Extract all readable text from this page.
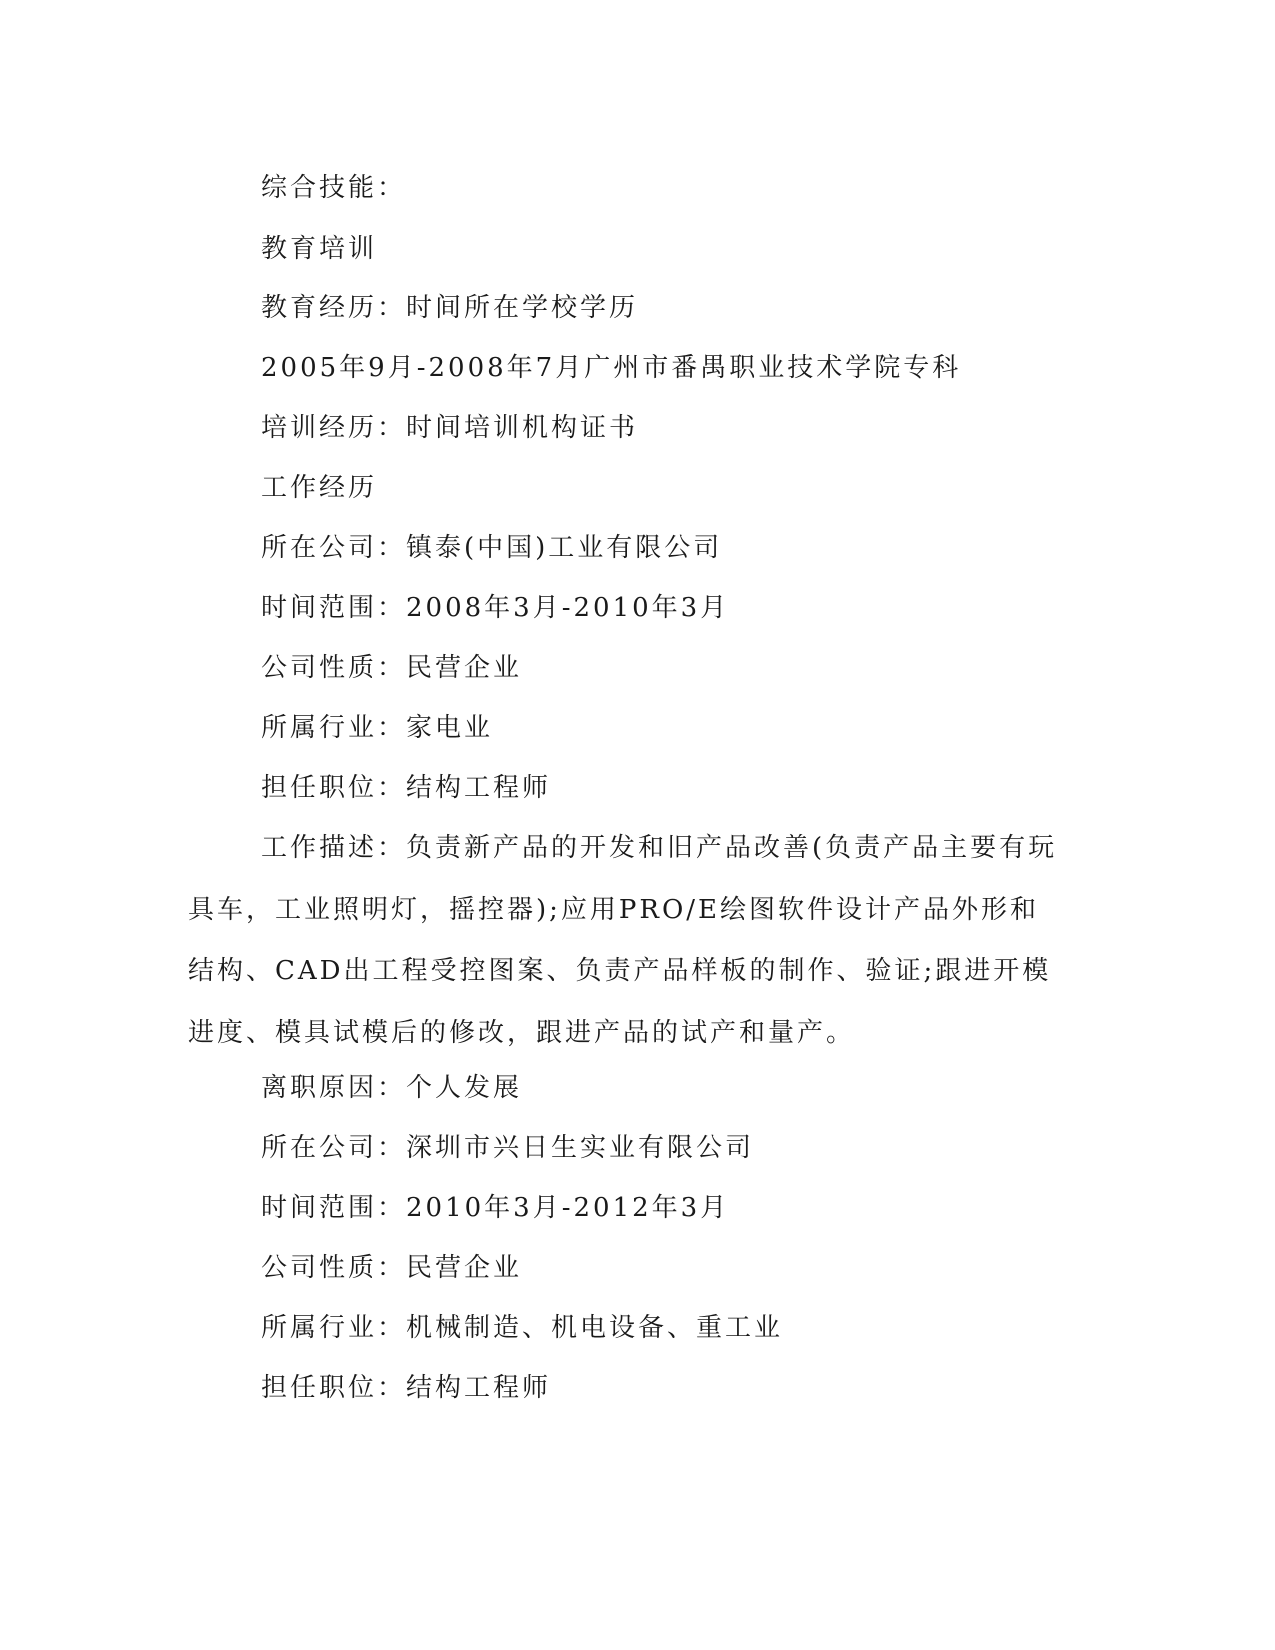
综合技能：
教育培训
教育经历：时间所在学校学历
2005年9月-2008年7月广州市番禺职业技术学院专科
培训经历：时间培训机构证书
工作经历
所在公司：镇泰(中国)工业有限公司
时间范围：2008年3月-2010年3月
公司性质：民营企业
所属行业：家电业
担任职位：结构工程师
工作描述：负责新产品的开发和旧产品改善(负责产品主要有玩具车，工业照明灯，摇控器);应用PRO/E绘图软件设计产品外形和结构、CAD出工程受控图案、负责产品样板的制作、验证;跟进开模进度、模具试模后的修改，跟进产品的试产和量产。
离职原因：个人发展
所在公司：深圳市兴日生实业有限公司
时间范围：2010年3月-2012年3月
公司性质：民营企业
所属行业：机械制造、机电设备、重工业
担任职位：结构工程师
